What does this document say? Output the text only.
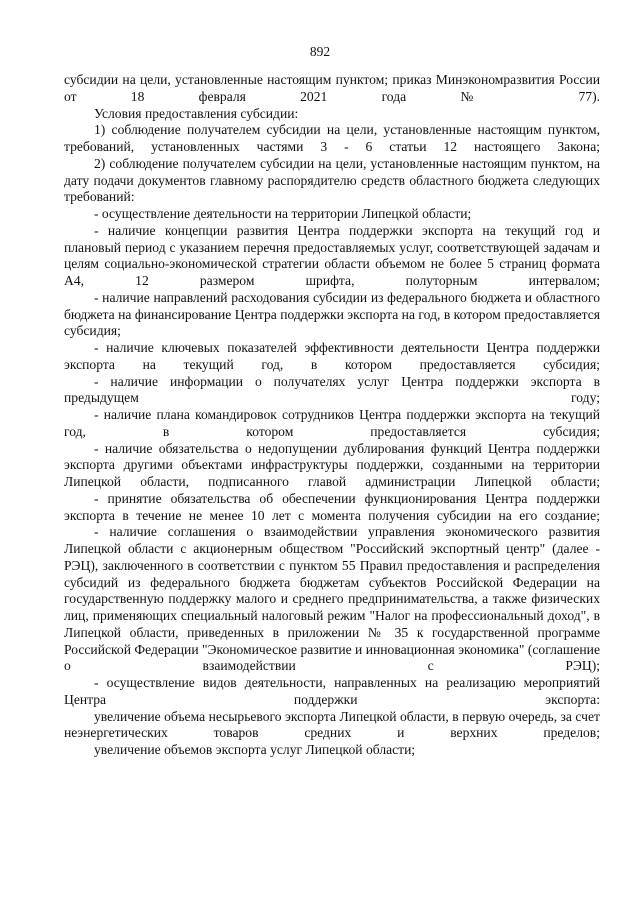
892

субсидии на цели, установленные настоящим пунктом; приказ Минэкономразвития России от 18 февраля 2021 года № 77).

Условия предоставления субсидии:

1) соблюдение получателем субсидии на цели, установленные настоящим пунктом, требований, установленных частями 3 - 6 статьи 12 настоящего Закона;

2) соблюдение получателем субсидии на цели, установленные настоящим пунктом, на дату подачи документов главному распорядителю средств областного бюджета следующих требований:

- осуществление деятельности на территории Липецкой области;

- наличие концепции развития Центра поддержки экспорта на текущий год и плановый период с указанием перечня предоставляемых услуг, соответствующей задачам и целям социально-экономической стратегии области объемом не более 5 страниц формата А4, 12 размером шрифта, полуторным интервалом;

- наличие направлений расходования субсидии из федерального бюджета и областного бюджета на финансирование Центра поддержки экспорта на год, в котором предоставляется субсидия;

- наличие ключевых показателей эффективности деятельности Центра поддержки экспорта на текущий год, в котором предоставляется субсидия;

- наличие информации о получателях услуг Центра поддержки экспорта в предыдущем году;

- наличие плана командировок сотрудников Центра поддержки экспорта на текущий год, в котором предоставляется субсидия;

- наличие обязательства о недопущении дублирования функций Центра поддержки экспорта другими объектами инфраструктуры поддержки, созданными на территории Липецкой области, подписанного главой администрации Липецкой области;

- принятие обязательства об обеспечении функционирования Центра поддержки экспорта в течение не менее 10 лет с момента получения субсидии на его создание;

- наличие соглашения о взаимодействии управления экономического развития Липецкой области с акционерным обществом "Российский экспортный центр" (далее - РЭЦ), заключенного в соответствии с пунктом 55 Правил предоставления и распределения субсидий из федерального бюджета бюджетам субъектов Российской Федерации на государственную поддержку малого и среднего предпринимательства, а также физических лиц, применяющих специальный налоговый режим "Налог на профессиональный доход", в Липецкой области, приведенных в приложении № 35 к государственной программе Российской Федерации "Экономическое развитие и инновационная экономика" (соглашение о взаимодействии с РЭЦ);

- осуществление видов деятельности, направленных на реализацию мероприятий Центра поддержки экспорта:

увеличение объема несырьевого экспорта Липецкой области, в первую очередь, за счет неэнергетических товаров средних и верхних пределов;

увеличение объемов экспорта услуг Липецкой области;
